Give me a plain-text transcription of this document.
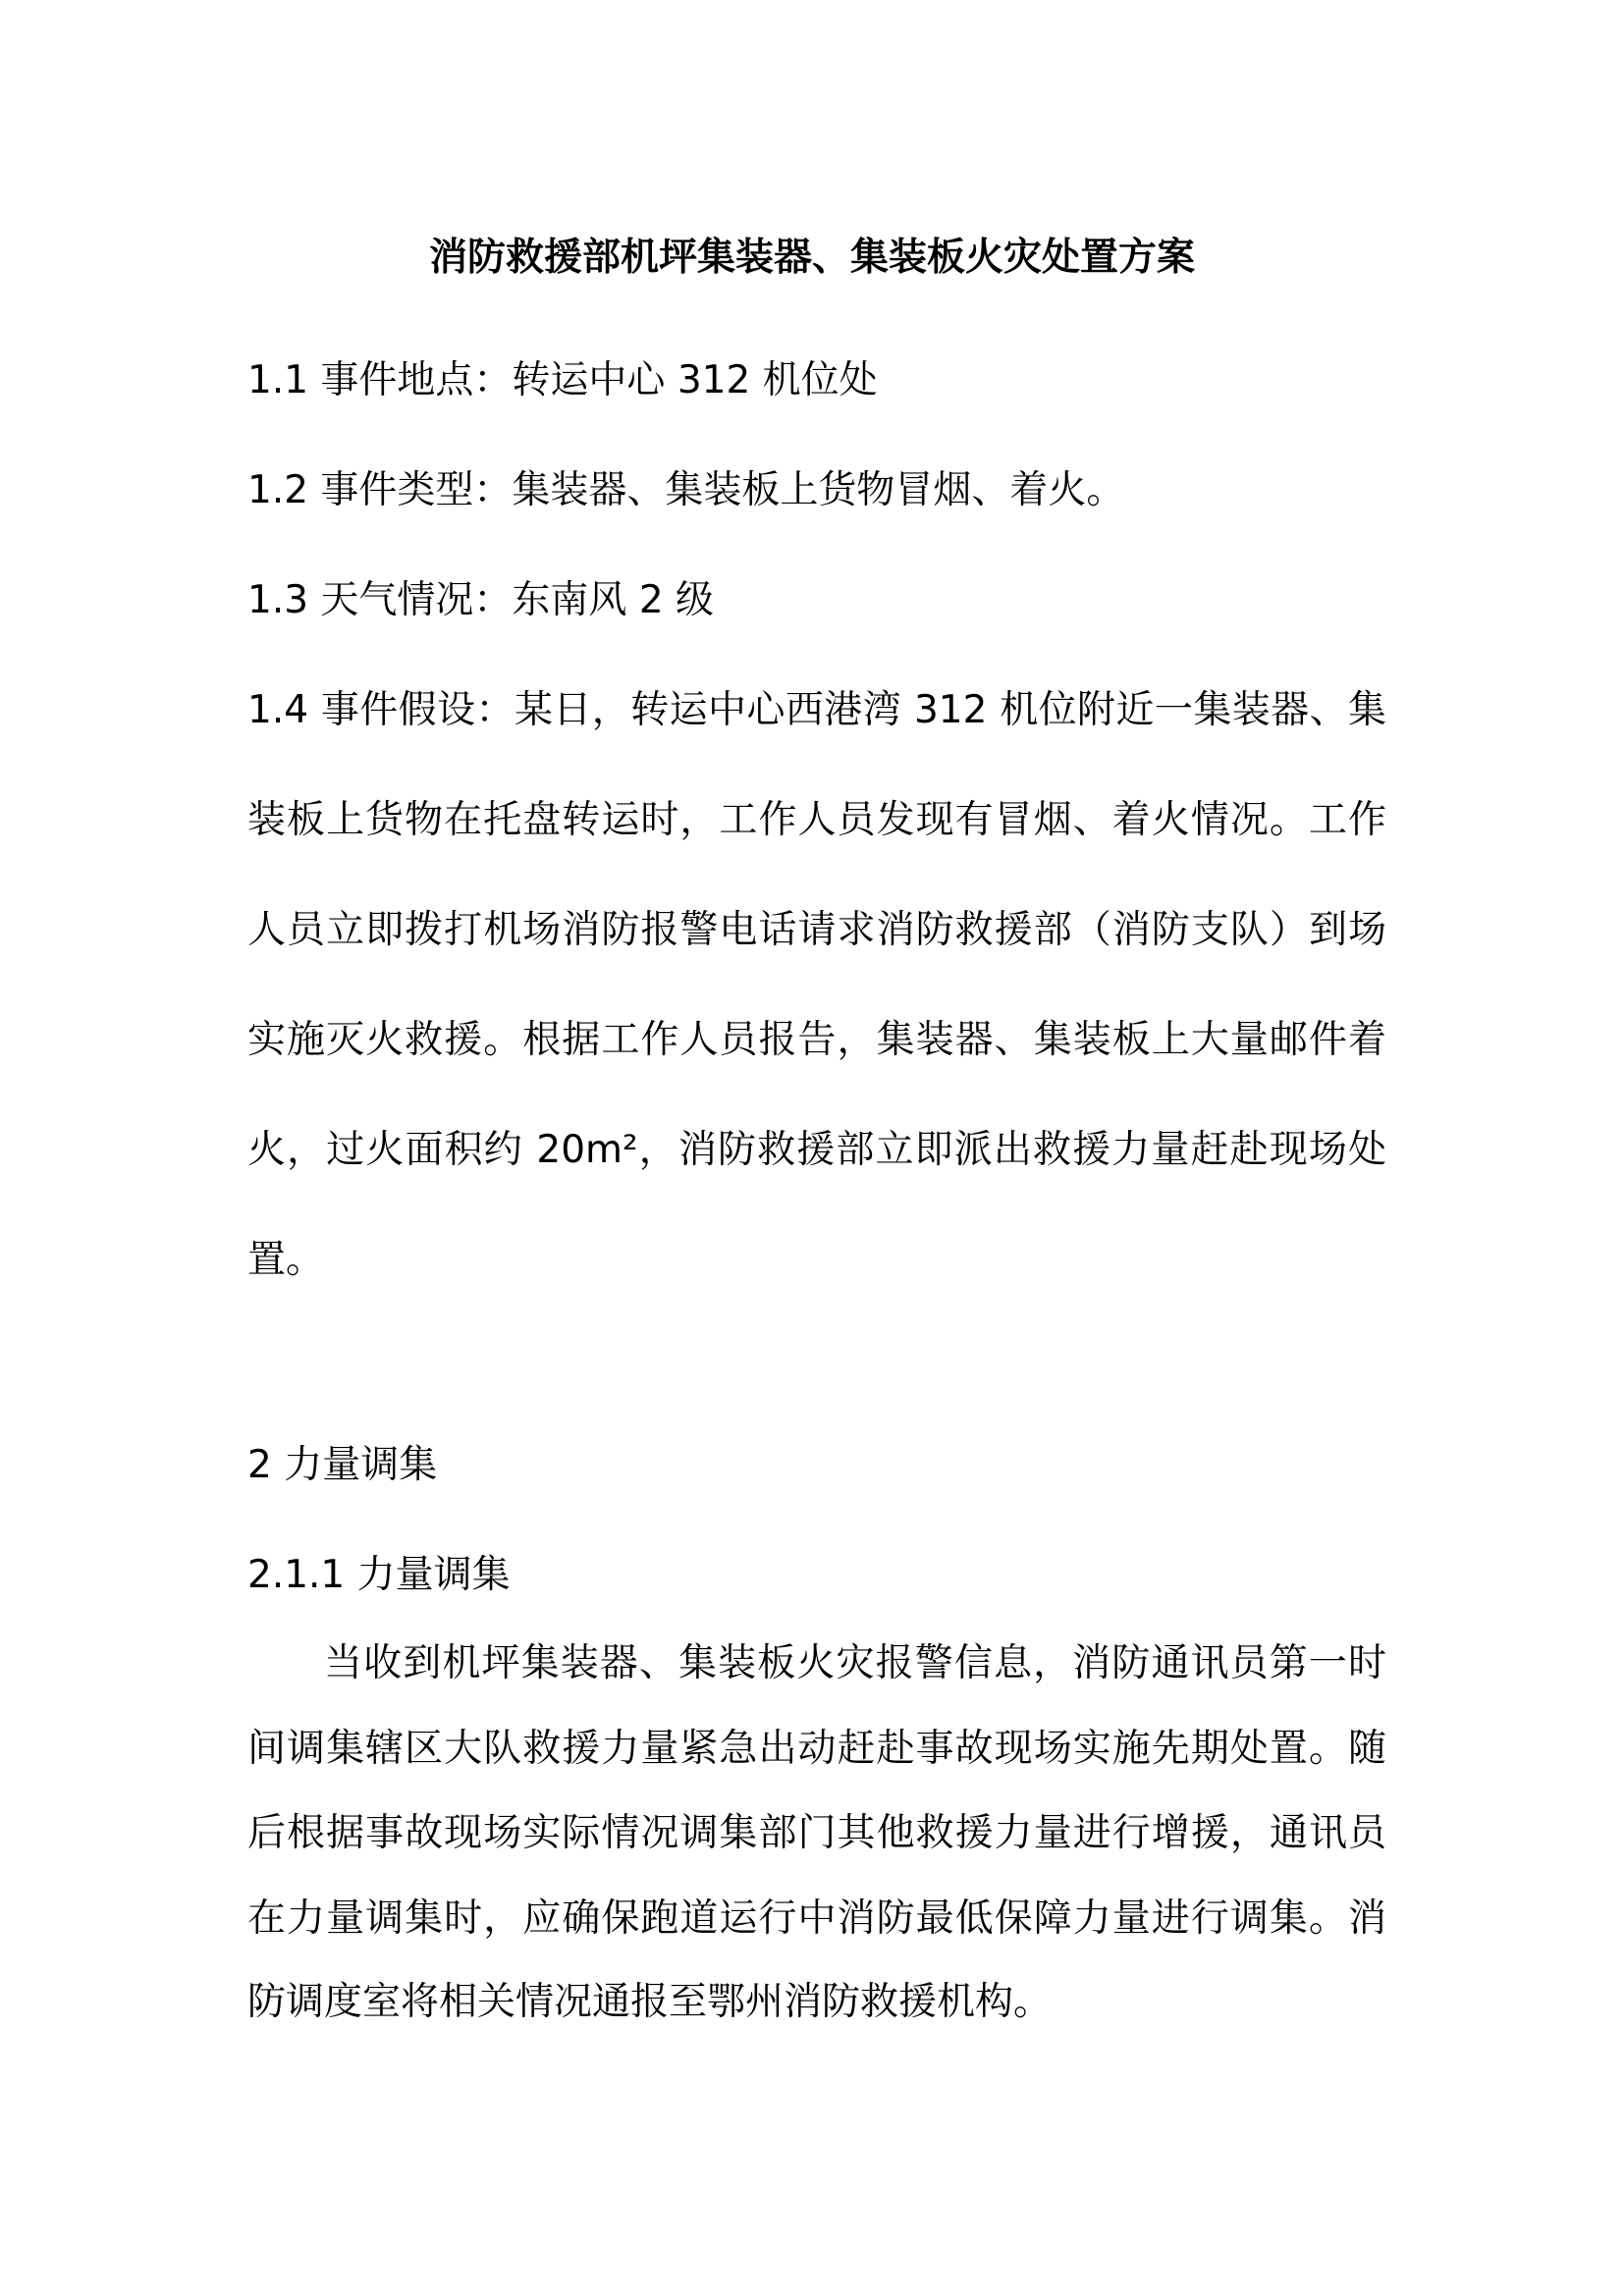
消防救援部机坪集装器、集装板火灾处置方案
1.1 事件地点：转运中心 312 机位处
1.2 事件类型：集装器、集装板上货物冒烟、着火。
1.3 天气情况：东南风 2 级
1.4 事件假设：某日，转运中心西港湾 312 机位附近一集装器、集
装板上货物在托盘转运时，工作人员发现有冒烟、着火情况。工作
人员立即拨打机场消防报警电话请求消防救援部（消防支队）到场
实施灭火救援。根据工作人员报告，集装器、集装板上大量邮件着
火，过火面积约 20m²，消防救援部立即派出救援力量赶赴现场处
置。
2 力量调集
2.1.1 力量调集
当收到机坪集装器、集装板火灾报警信息，消防通讯员第一时
间调集辖区大队救援力量紧急出动赶赴事故现场实施先期处置。随
后根据事故现场实际情况调集部门其他救援力量进行增援，通讯员
在力量调集时，应确保跑道运行中消防最低保障力量进行调集。消
防调度室将相关情况通报至鄂州消防救援机构。
